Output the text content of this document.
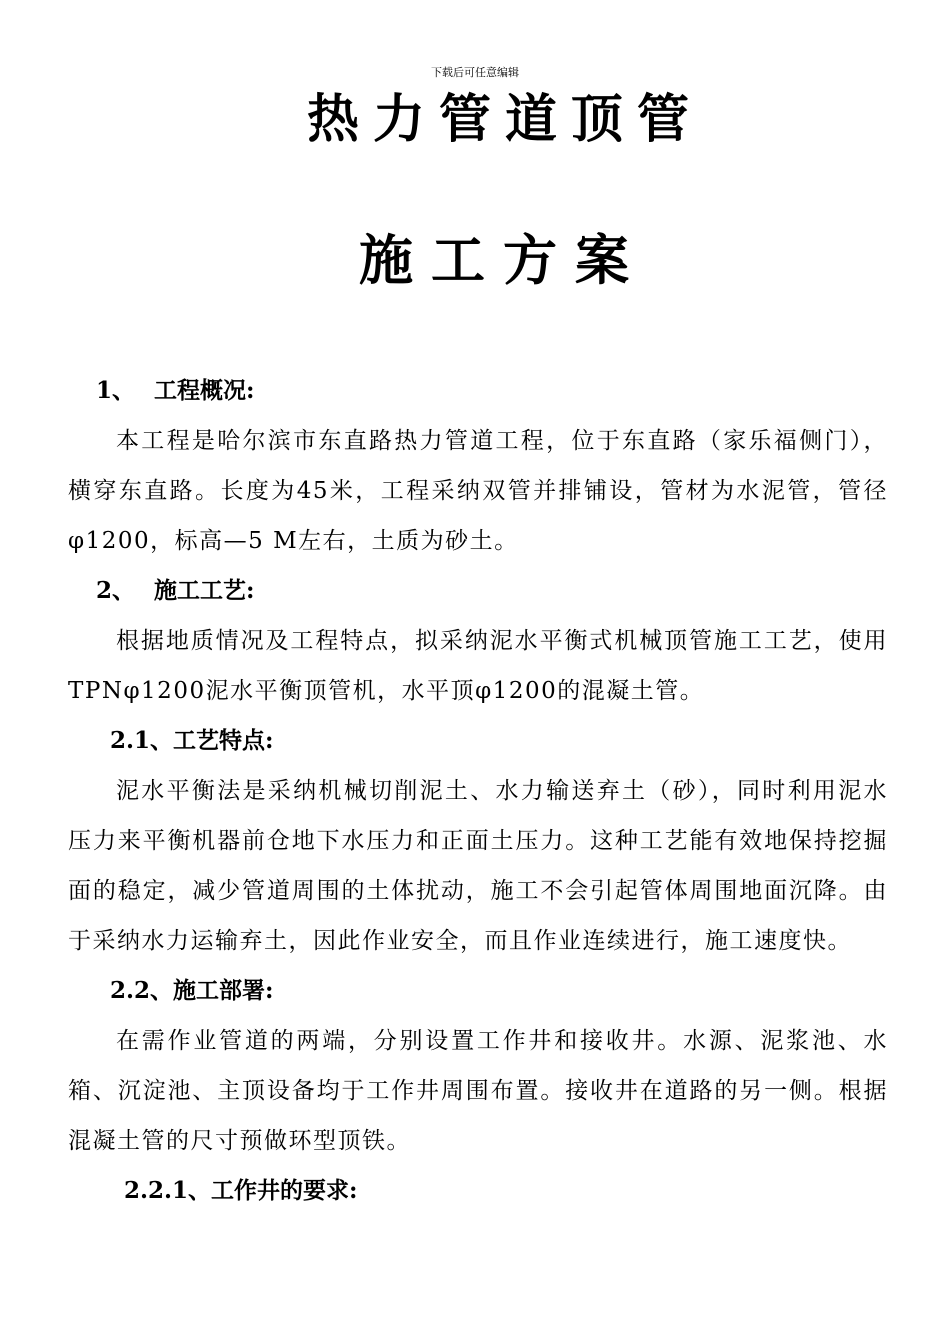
下载后可任意编辑
热力管道顶管
施工方案

1、 工程概况:

本工程是哈尔滨市东直路热力管道工程，位于东直路（家乐福侧门），横穿东直路。长度为45米，工程采纳双管并排铺设，管材为水泥管，管径φ1200，标高—5 M左右，土质为砂土。

2、 施工工艺:

根据地质情况及工程特点，拟采纳泥水平衡式机械顶管施工工艺，使用TPNφ1200泥水平衡顶管机，水平顶φ1200的混凝土管。

2.1、工艺特点:

泥水平衡法是采纳机械切削泥土、水力输送弃土（砂），同时利用泥水压力来平衡机器前仓地下水压力和正面土压力。这种工艺能有效地保持挖掘面的稳定，减少管道周围的土体扰动，施工不会引起管体周围地面沉降。由于采纳水力运输弃土，因此作业安全，而且作业连续进行，施工速度快。

2.2、施工部署:

在需作业管道的两端，分别设置工作井和接收井。水源、泥浆池、水箱、沉淀池、主顶设备均于工作井周围布置。接收井在道路的另一侧。根据混凝土管的尺寸预做环型顶铁。

2.2.1、工作井的要求:
